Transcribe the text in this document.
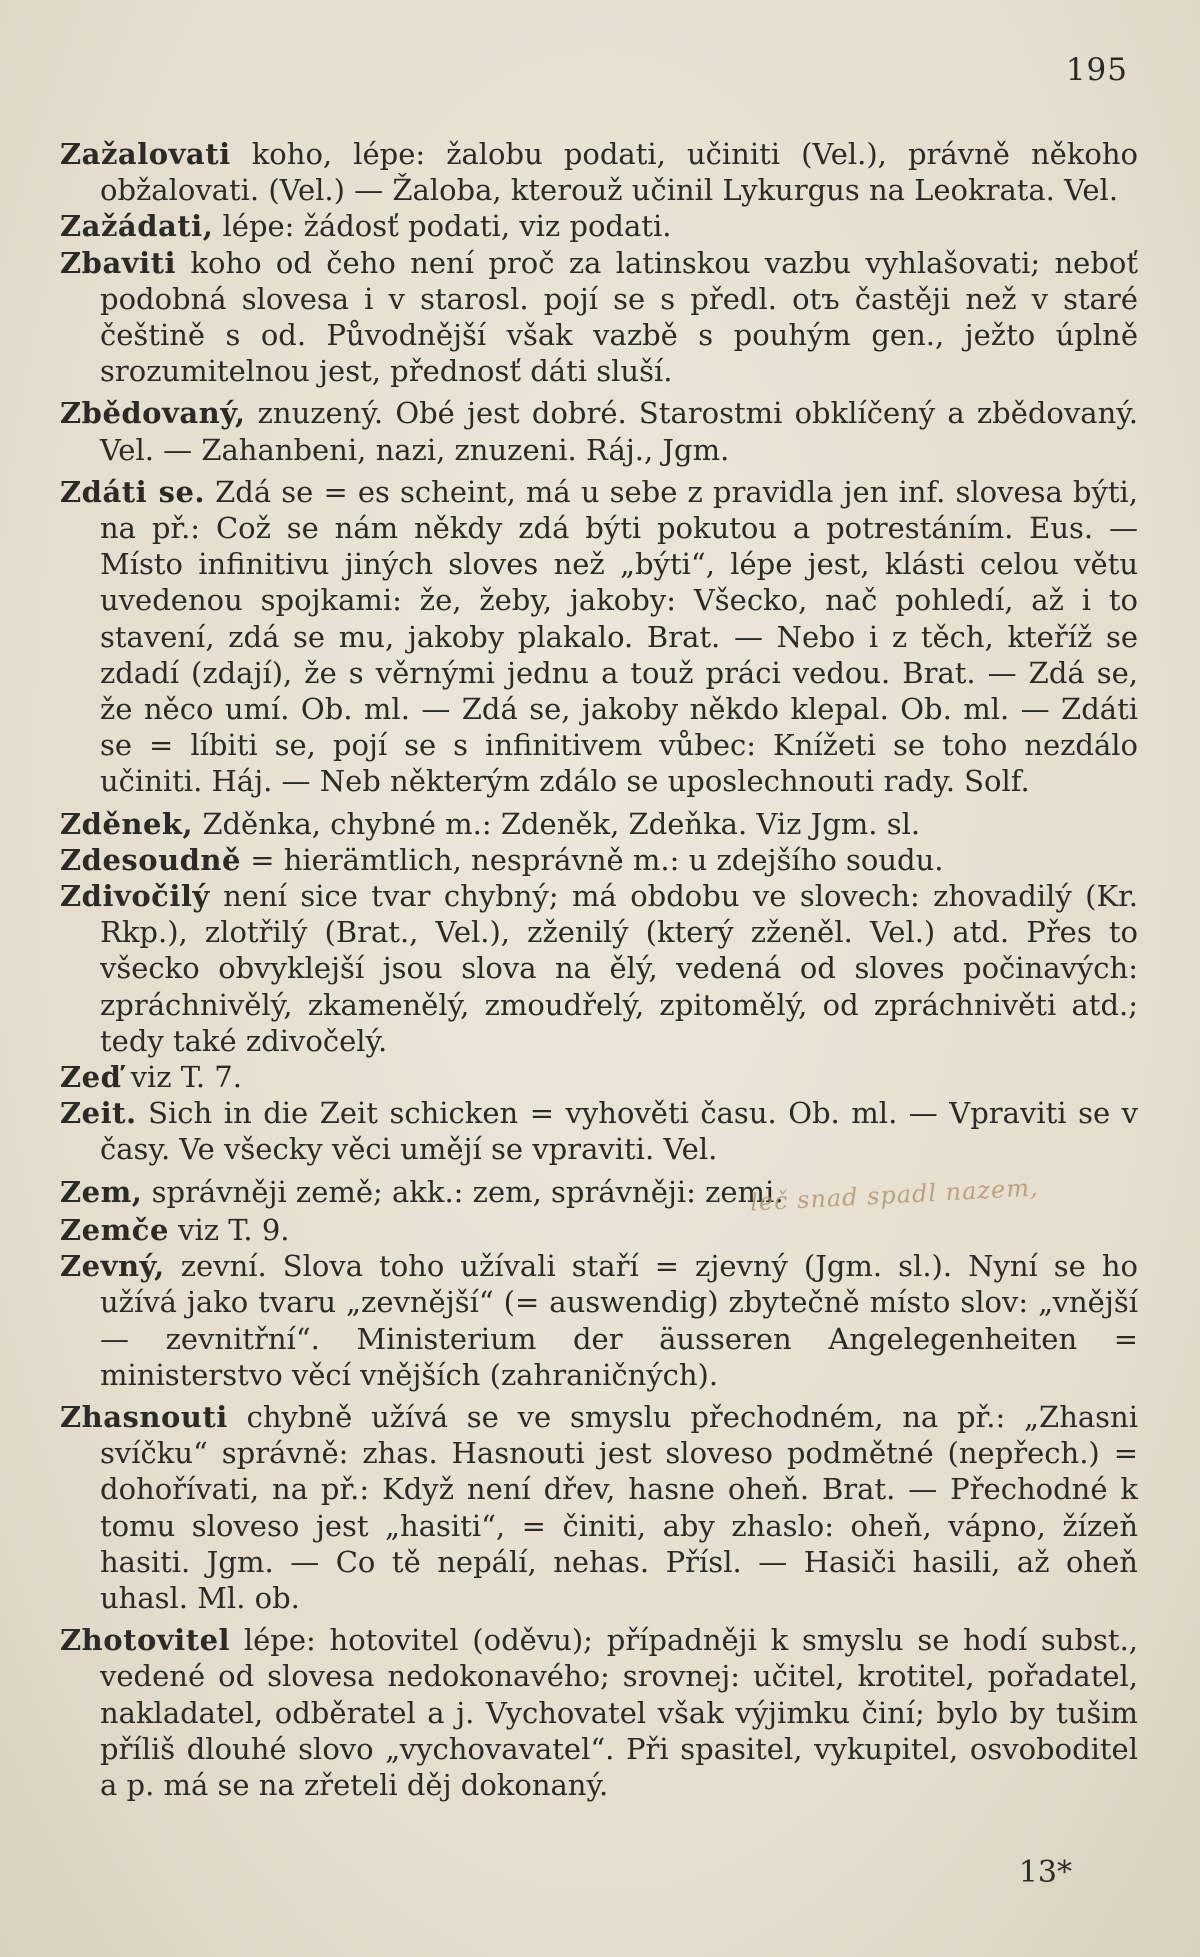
195

Zažalovati koho, lépe: žalobu podati, učiniti (Vel.), právně někoho obžalovati. (Vel.) — Žaloba, kterouž učinil Lykurgus na Leokrata. Vel.

Zažádati, lépe: žádosť podati, viz podati.

Zbaviti koho od čeho není proč za latinskou vazbu vyhlašovati; neboť podobná slovesa i v starosl. pojí se s předl. otъ častěji než v staré češtině s od. Původnější však vazbě s pouhým gen., ježto úplně srozumitelnou jest, přednosť dáti sluší.

Zbědovaný, znuzený. Obé jest dobré. Starostmi obklíčený a zbědovaný. Vel. — Zahanbeni, nazi, znuzeni. Ráj., Jgm.

Zdáti se. Zdá se = es scheint, má u sebe z pravidla jen inf. slovesa býti, na př.: Což se nám někdy zdá býti pokutou a potrestáním. Eus. — Místo infinitivu jiných sloves než „býti“, lépe jest, klásti celou větu uvedenou spojkami: že, žeby, jakoby: Všecko, nač pohledí, až i to stavení, zdá se mu, jakoby plakalo. Brat. — Nebo i z těch, kteříž se zdadí (zdají), že s věrnými jednu a touž práci vedou. Brat. — Zdá se, že něco umí. Ob. ml. — Zdá se, jakoby někdo klepal. Ob. ml. — Zdáti se = líbiti se, pojí se s infinitivem vůbec: Knížeti se toho nezdálo učiniti. Háj. — Neb některým zdálo se uposlechnouti rady. Solf.

Zděnek, Zděnka, chybné m.: Zdeněk, Zdeňka. Viz Jgm. sl.

Zdesoudně = hierämtlich, nesprávně m.: u zdejšího soudu.

Zdivočilý není sice tvar chybný; má obdobu ve slovech: zhovadilý (Kr. Rkp.), zlotřilý (Brat., Vel.), zženilý (který zženěl. Vel.) atd. Přes to všecko obvyklejší jsou slova na ělý, vedená od sloves počinavých: zpráchnivělý, zkamenělý, zmoudřelý, zpitomělý, od zpráchnivěti atd.; tedy také zdivočelý.

Zeď viz T. 7.

Zeit. Sich in die Zeit schicken = vyhověti času. Ob. ml. — Vpraviti se v časy. Ve všecky věci umějí se vpraviti. Vel.

Zem, správněji země; akk.: zem, správněji: zemi.leč snad spadl nazem,

Zemče viz T. 9.

Zevný, zevní. Slova toho užívali staří = zjevný (Jgm. sl.). Nyní se ho užívá jako tvaru „zevnější“ (= auswendig) zbytečně místo slov: „vnější — zevnitřní“. Ministerium der äusseren Angelegenheiten = ministerstvo věcí vnějších (zahraničných).

Zhasnouti chybně užívá se ve smyslu přechodném, na př.: „Zhasni svíčku“ správně: zhas. Hasnouti jest sloveso podmětné (nepřech.) = dohořívati, na př.: Když není dřev, hasne oheň. Brat. — Přechodné k tomu sloveso jest „hasiti“, = činiti, aby zhaslo: oheň, vápno, žízeň hasiti. Jgm. — Co tě nepálí, nehas. Přísl. — Hasiči hasili, až oheň uhasl. Ml. ob.

Zhotovitel lépe: hotovitel (oděvu); případněji k smyslu se hodí subst., vedené od slovesa nedokonavého; srovnej: učitel, krotitel, pořadatel, nakladatel, odběratel a j. Vychovatel však výjimku činí; bylo by tušim příliš dlouhé slovo „vychovavatel“. Při spasitel, vykupitel, osvoboditel a p. má se na zřeteli děj dokonaný.

13*
